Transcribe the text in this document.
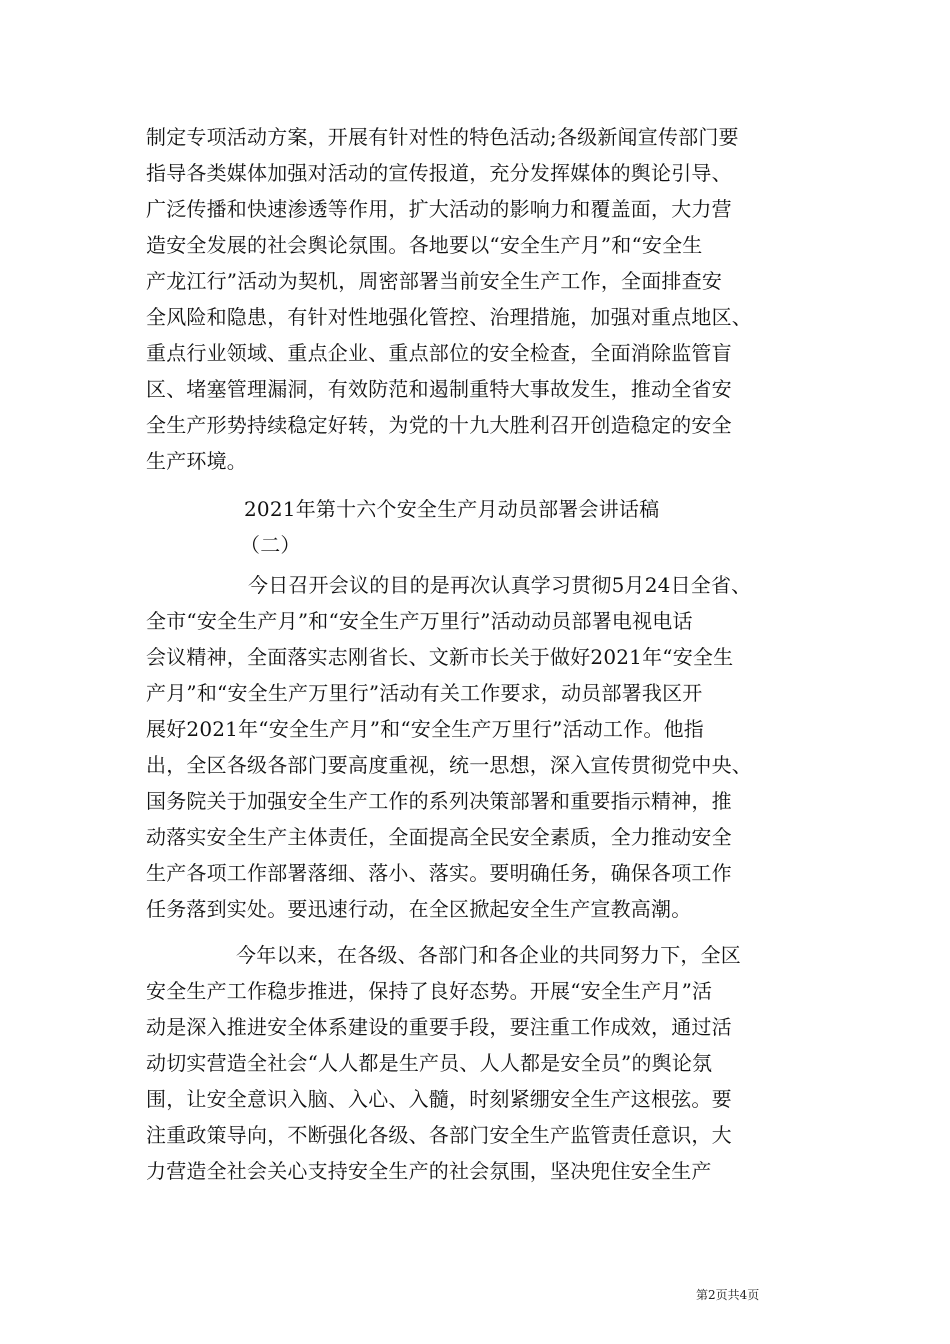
制定专项活动方案，开展有针对性的特色活动;各级新闻宣传部门要
指导各类媒体加强对活动的宣传报道，充分发挥媒体的舆论引导、
广泛传播和快速渗透等作用，扩大活动的影响力和覆盖面，大力营
造安全发展的社会舆论氛围。各地要以“安全生产月”和“安全生
产龙江行”活动为契机，周密部署当前安全生产工作，全面排查安
全风险和隐患，有针对性地强化管控、治理措施，加强对重点地区、
重点行业领域、重点企业、重点部位的安全检查，全面消除监管盲
区、堵塞管理漏洞，有效防范和遏制重特大事故发生，推动全省安
全生产形势持续稳定好转，为党的十九大胜利召开创造稳定的安全
生产环境。
2021年第十六个安全生产月动员部署会讲话稿
（二）
今日召开会议的目的是再次认真学习贯彻5月24日全省、
全市“安全生产月”和“安全生产万里行”活动动员部署电视电话
会议精神，全面落实志刚省长、文新市长关于做好2021年“安全生
产月”和“安全生产万里行”活动有关工作要求，动员部署我区开
展好2021年“安全生产月”和“安全生产万里行”活动工作。他指
出，全区各级各部门要高度重视，统一思想，深入宣传贯彻党中央、
国务院关于加强安全生产工作的系列决策部署和重要指示精神，推
动落实安全生产主体责任，全面提高全民安全素质，全力推动安全
生产各项工作部署落细、落小、落实。要明确任务，确保各项工作
任务落到实处。要迅速行动，在全区掀起安全生产宣教高潮。
今年以来，在各级、各部门和各企业的共同努力下，全区
安全生产工作稳步推进，保持了良好态势。开展“安全生产月”活
动是深入推进安全体系建设的重要手段，要注重工作成效，通过活
动切实营造全社会“人人都是生产员、人人都是安全员”的舆论氛
围，让安全意识入脑、入心、入髓，时刻紧绷安全生产这根弦。要
注重政策导向，不断强化各级、各部门安全生产监管责任意识，大
力营造全社会关心支持安全生产的社会氛围，坚决兜住安全生产
第2页共4页
